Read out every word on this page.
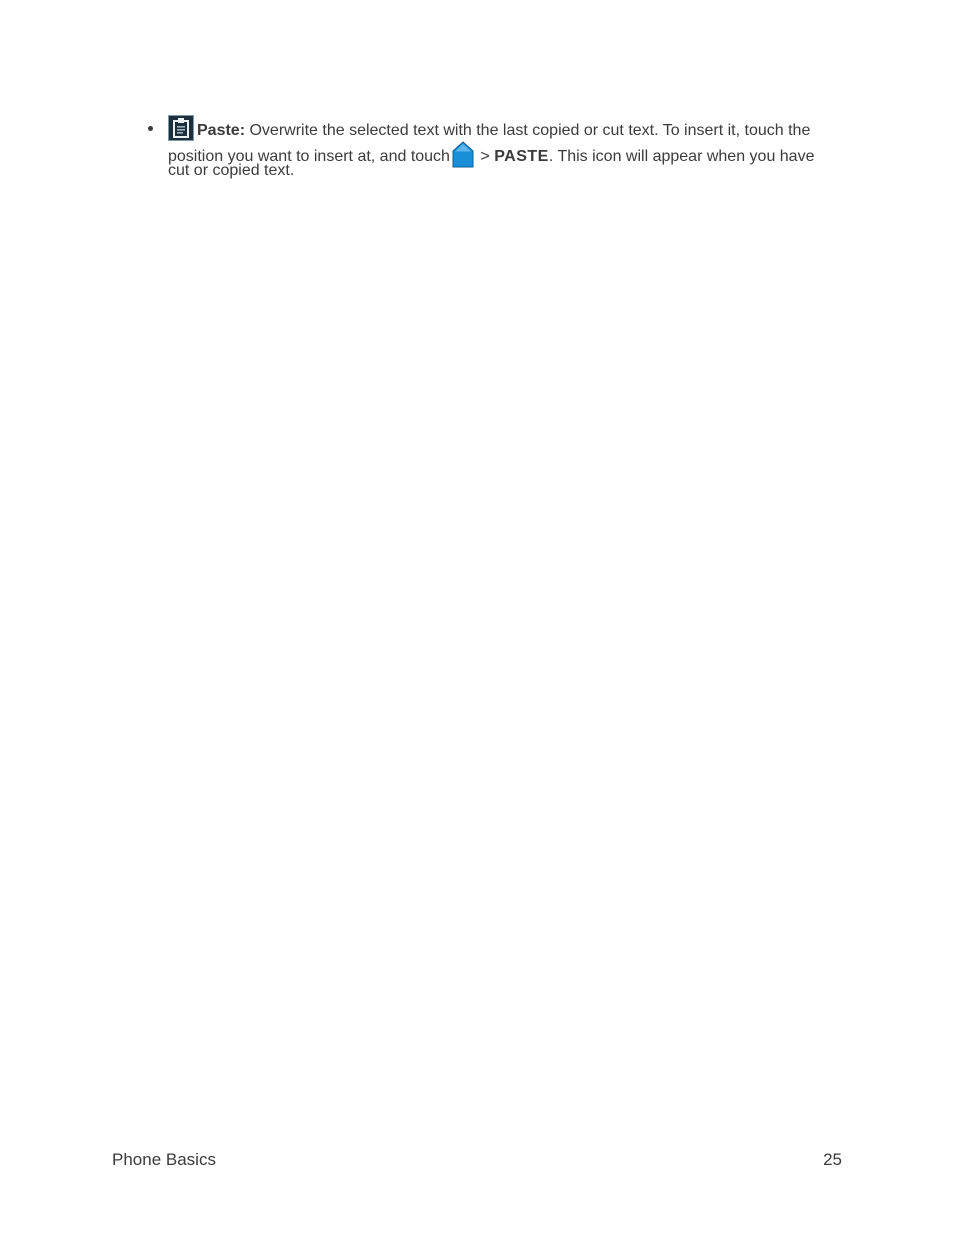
Paste: Overwrite the selected text with the last copied or cut text. To insert it, touch the
position you want to insert at, and touch > PASTE. This icon will appear when you have
cut or copied text.
Phone Basics	25
